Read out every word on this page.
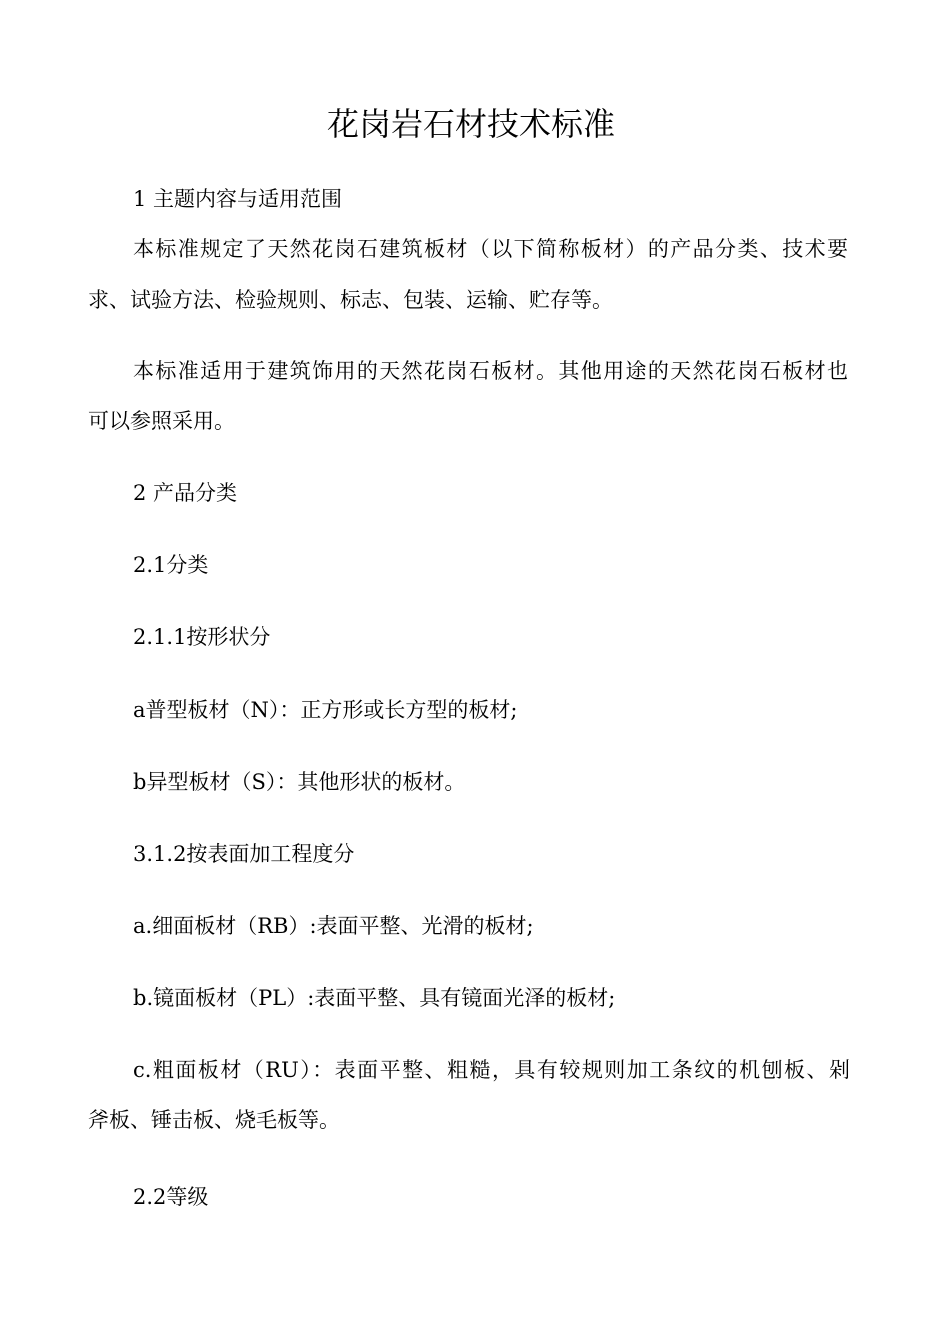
花岗岩石材技术标准

1 主题内容与适用范围

本标准规定了天然花岗石建筑板材（以下简称板材）的产品分类、技术要

求、试验方法、检验规则、标志、包装、运输、贮存等。

本标准适用于建筑饰用的天然花岗石板材。其他用途的天然花岗石板材也

可以参照采用。

2 产品分类

2.1分类

2.1.1按形状分

a普型板材（N）：正方形或长方型的板材;

b异型板材（S）：其他形状的板材。

3.1.2按表面加工程度分

a.细面板材（RB）:表面平整、光滑的板材;

b.镜面板材（PL）:表面平整、具有镜面光泽的板材;

c.粗面板材（RU）：表面平整、粗糙，具有较规则加工条纹的机刨板、剁

斧板、锤击板、烧毛板等。

2.2等级
